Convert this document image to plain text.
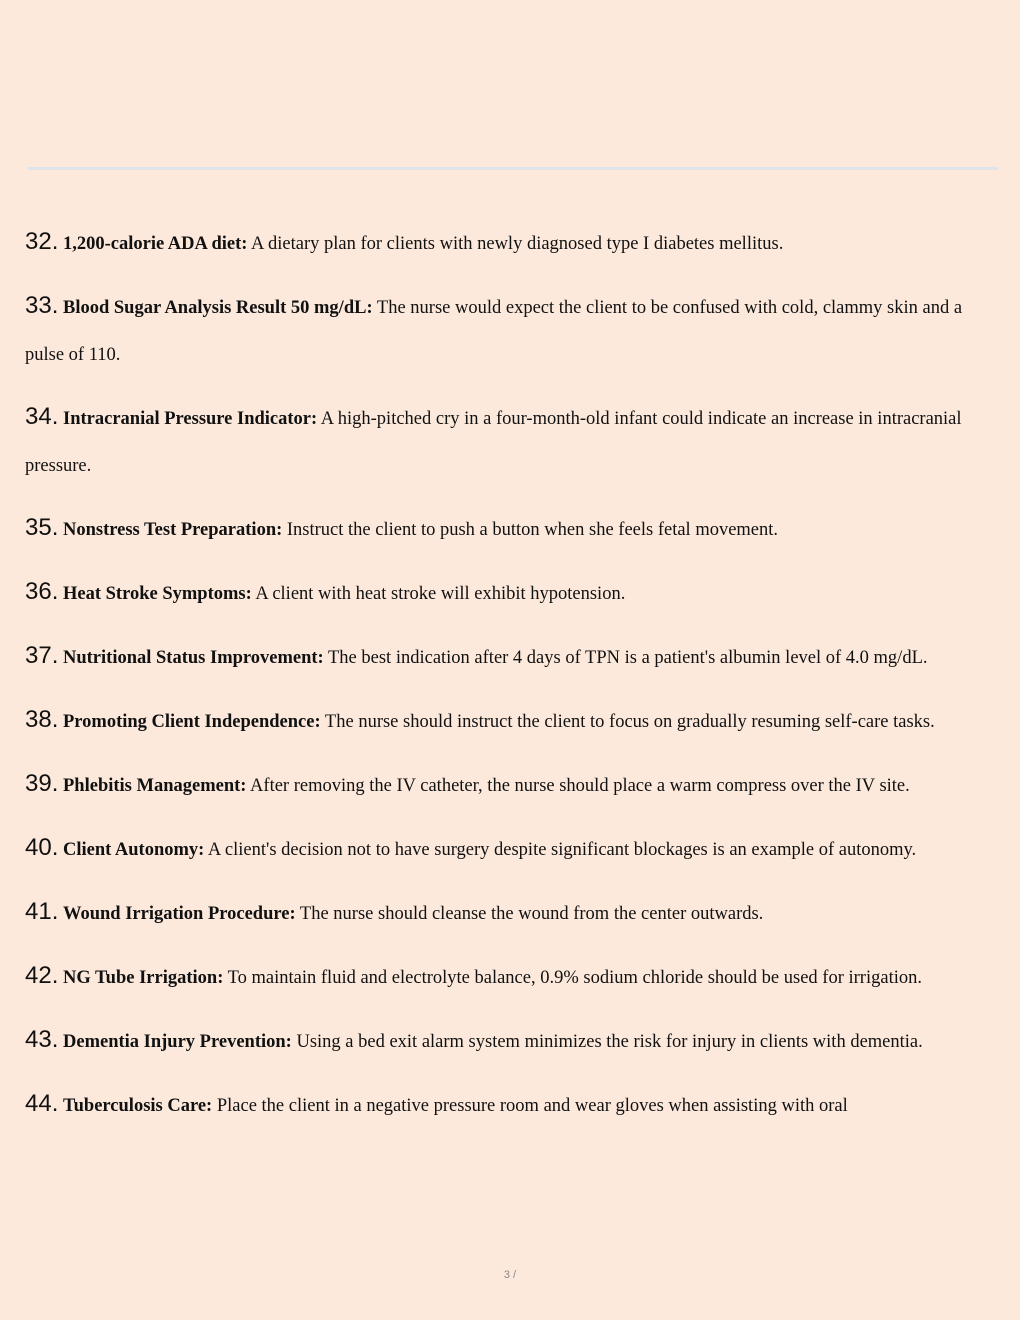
32. 1,200-calorie ADA diet: A dietary plan for clients with newly diagnosed type I diabetes mellitus.
33. Blood Sugar Analysis Result 50 mg/dL: The nurse would expect the client to be confused with cold, clammy skin and a pulse of 110.
34. Intracranial Pressure Indicator: A high-pitched cry in a four-month-old infant could indicate an increase in intracranial pressure.
35. Nonstress Test Preparation: Instruct the client to push a button when she feels fetal movement.
36. Heat Stroke Symptoms: A client with heat stroke will exhibit hypotension.
37. Nutritional Status Improvement: The best indication after 4 days of TPN is a patient's albumin level of 4.0 mg/dL.
38. Promoting Client Independence: The nurse should instruct the client to focus on gradually resuming self-care tasks.
39. Phlebitis Management: After removing the IV catheter, the nurse should place a warm compress over the IV site.
40. Client Autonomy: A client's decision not to have surgery despite significant blockages is an example of autonomy.
41. Wound Irrigation Procedure: The nurse should cleanse the wound from the center outwards.
42. NG Tube Irrigation: To maintain fluid and electrolyte balance, 0.9% sodium chloride should be used for irrigation.
43. Dementia Injury Prevention: Using a bed exit alarm system minimizes the risk for injury in clients with dementia.
44. Tuberculosis Care: Place the client in a negative pressure room and wear gloves when assisting with oral
3 /
